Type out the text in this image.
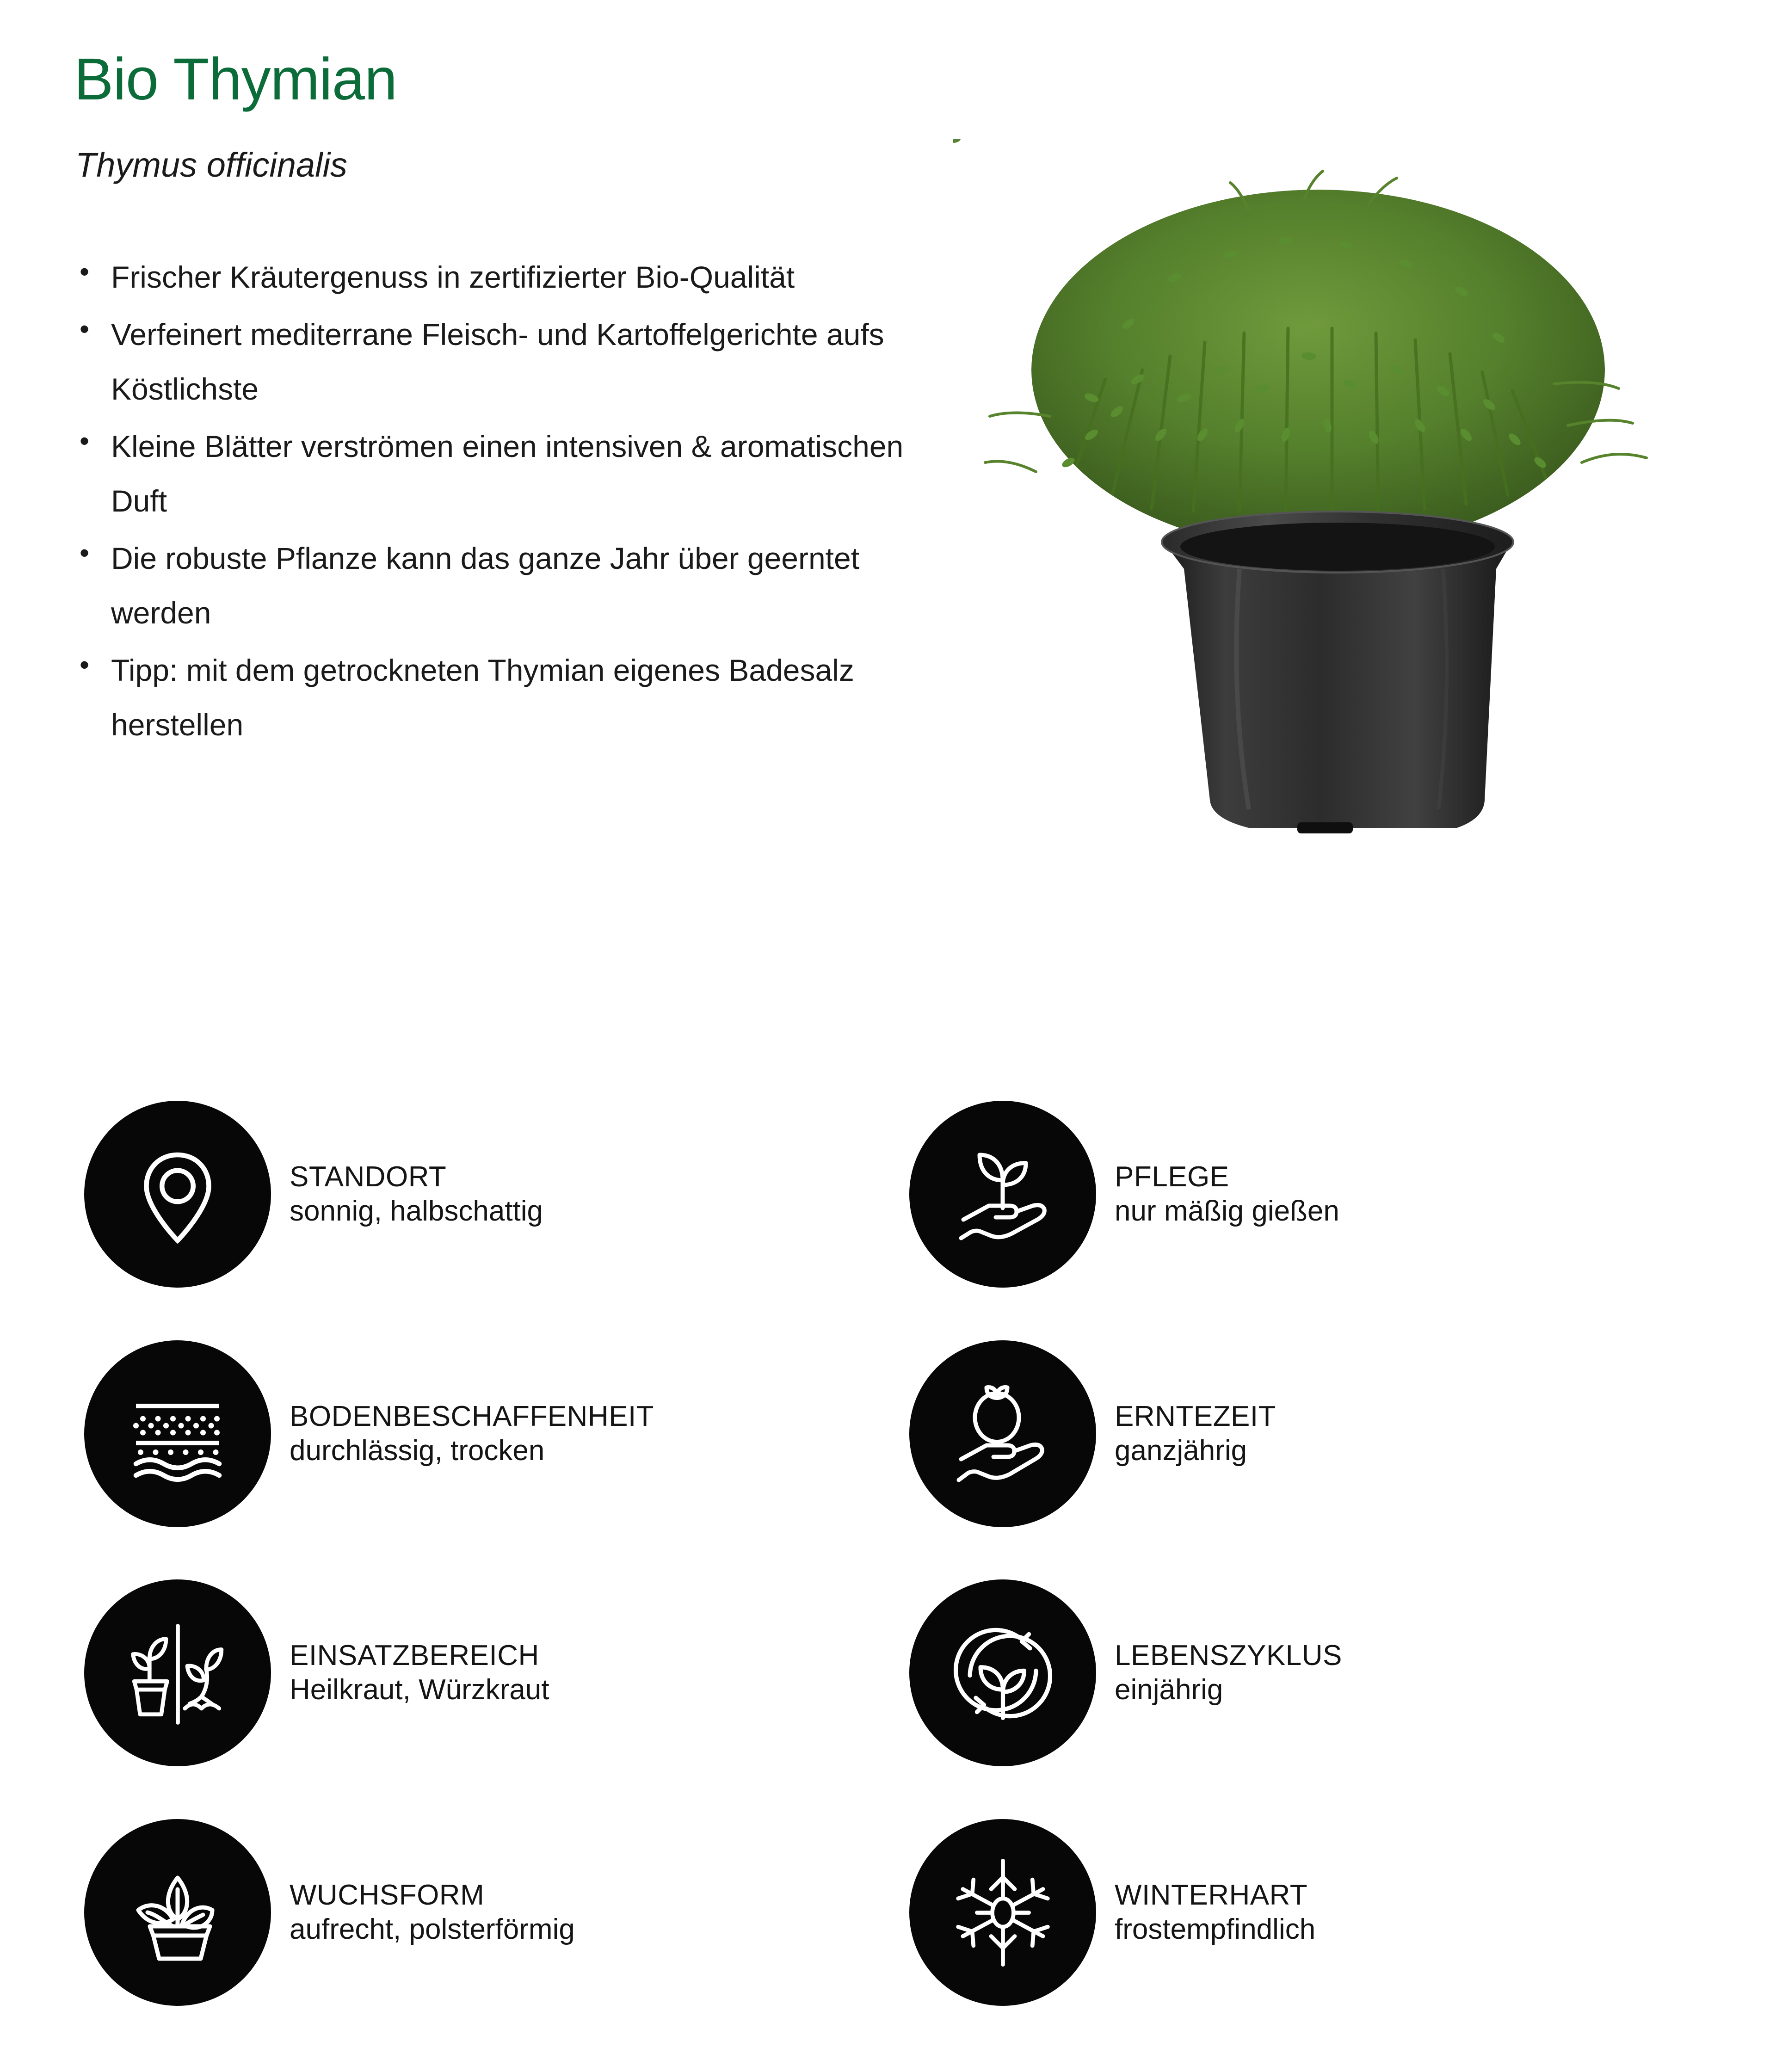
Bio Thymian
Thymus officinalis
• Frischer Kräutergenuss in zertifizierter Bio-Qualität
• Verfeinert mediterrane Fleisch- und Kartoffelgerichte aufs Köstlichste
• Kleine Blätter verströmen einen intensiven & aromatischen Duft
• Die robuste Pflanze kann das ganze Jahr über geerntet werden
• Tipp: mit dem getrockneten Thymian eigenes Badesalz herstellen
STANDORT
sonnig, halbschattig
BODENBESCHAFFENHEIT
durchlässig, trocken
EINSATZBEREICH
Heilkraut, Würzkraut
WUCHSFORM
aufrecht, polsterförmig
PFLEGE
nur mäßig gießen
ERNTEZEIT
ganzjährig
LEBENSZYKLUS
einjährig
WINTERHART
frostempfindlich
